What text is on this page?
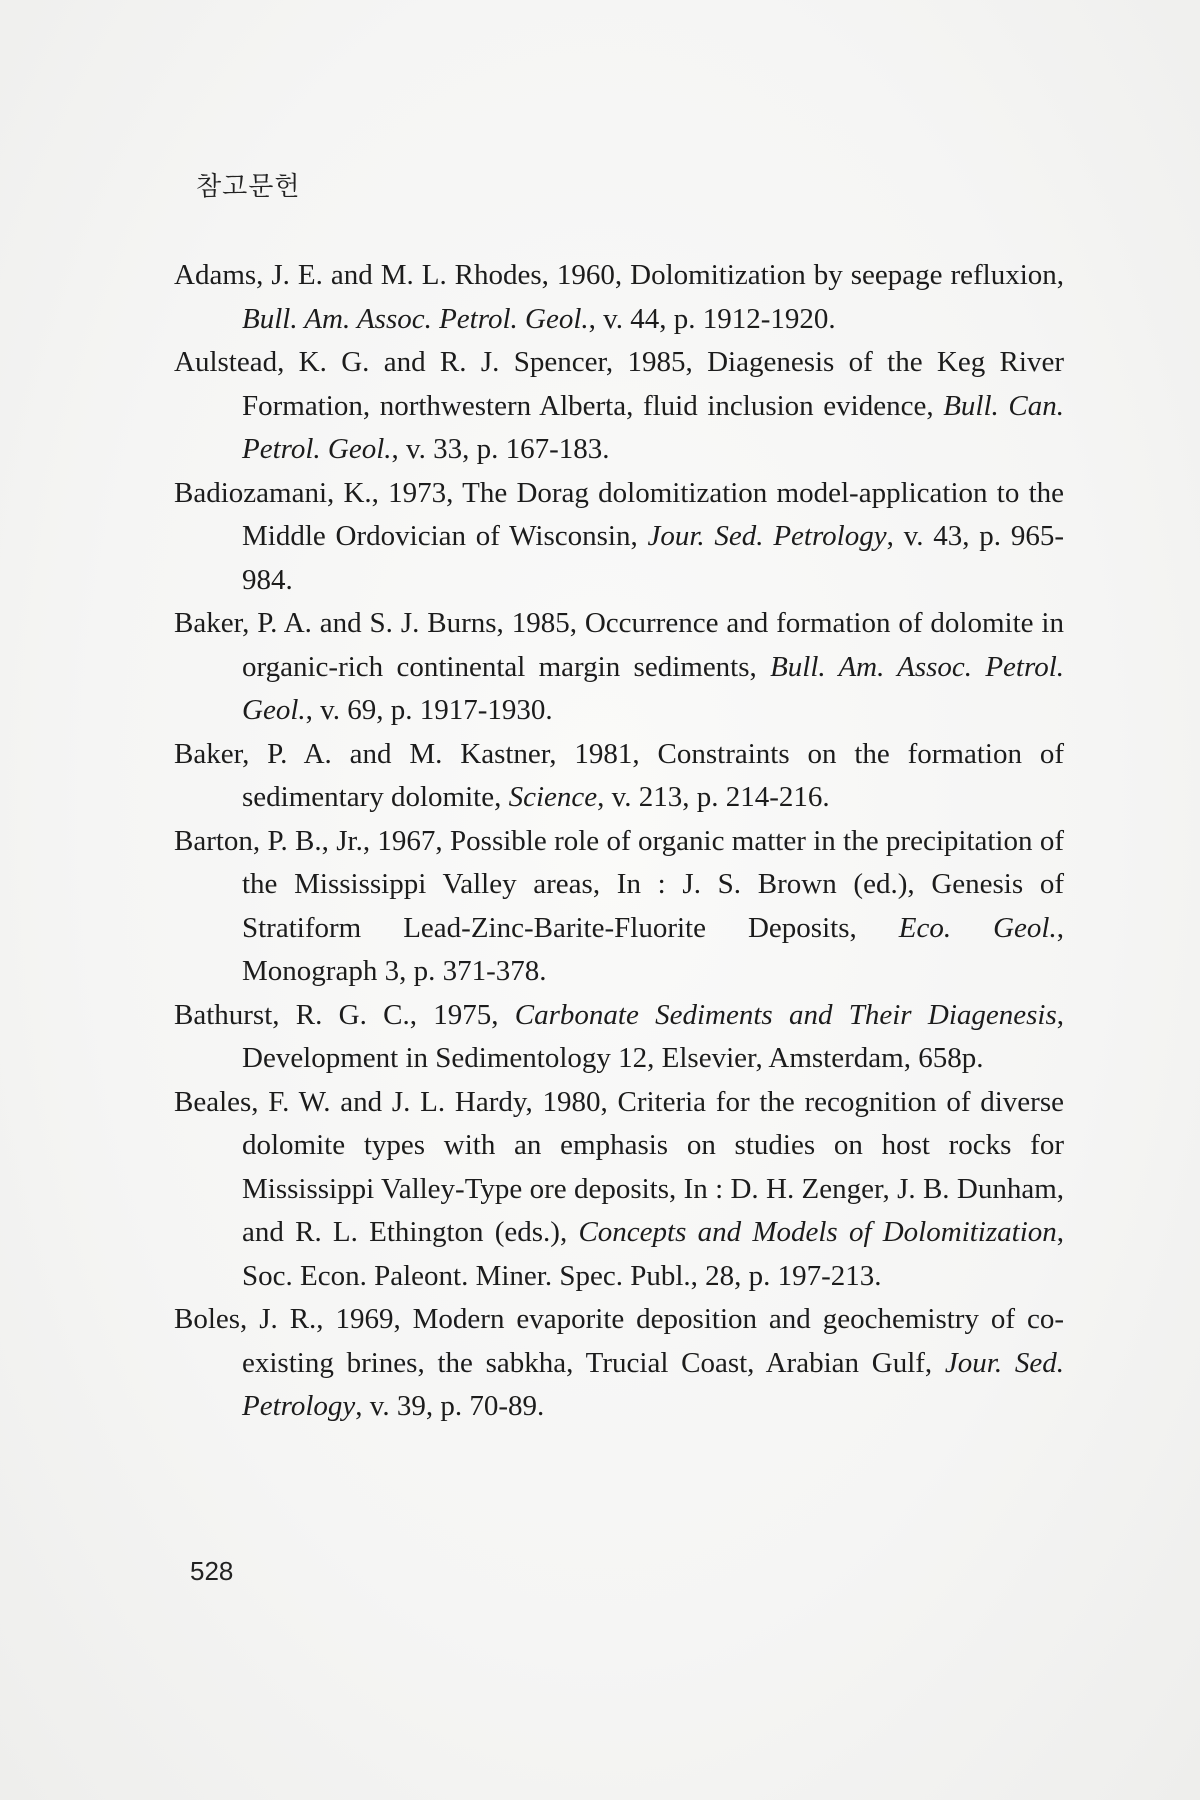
참고문헌
Adams, J. E. and M. L. Rhodes, 1960, Dolomitization by seepage refluxion, Bull. Am. Assoc. Petrol. Geol., v. 44, p. 1912-1920.
Aulstead, K. G. and R. J. Spencer, 1985, Diagenesis of the Keg River Formation, northwestern Alberta, fluid inclusion evidence, Bull. Can. Petrol. Geol., v. 33, p. 167-183.
Badiozamani, K., 1973, The Dorag dolomitization model-application to the Middle Ordovician of Wisconsin, Jour. Sed. Petrology, v. 43, p. 965-984.
Baker, P. A. and S. J. Burns, 1985, Occurrence and formation of dolomite in organic-rich continental margin sediments, Bull. Am. Assoc. Petrol. Geol., v. 69, p. 1917-1930.
Baker, P. A. and M. Kastner, 1981, Constraints on the formation of sedimentary dolomite, Science, v. 213, p. 214-216.
Barton, P. B., Jr., 1967, Possible role of organic matter in the precipitation of the Mississippi Valley areas, In : J. S. Brown (ed.), Genesis of Stratiform Lead-Zinc-Barite-Fluorite Deposits, Eco. Geol., Monograph 3, p. 371-378.
Bathurst, R. G. C., 1975, Carbonate Sediments and Their Diagenesis, Development in Sedimentology 12, Elsevier, Amsterdam, 658p.
Beales, F. W. and J. L. Hardy, 1980, Criteria for the recognition of diverse dolomite types with an emphasis on studies on host rocks for Mississippi Valley-Type ore deposits, In : D. H. Zenger, J. B. Dunham, and R. L. Ethington (eds.), Concepts and Models of Dolomitization, Soc. Econ. Paleont. Miner. Spec. Publ., 28, p. 197-213.
Boles, J. R., 1969, Modern evaporite deposition and geochemistry of co-existing brines, the sabkha, Trucial Coast, Arabian Gulf, Jour. Sed. Petrology, v. 39, p. 70-89.
528
